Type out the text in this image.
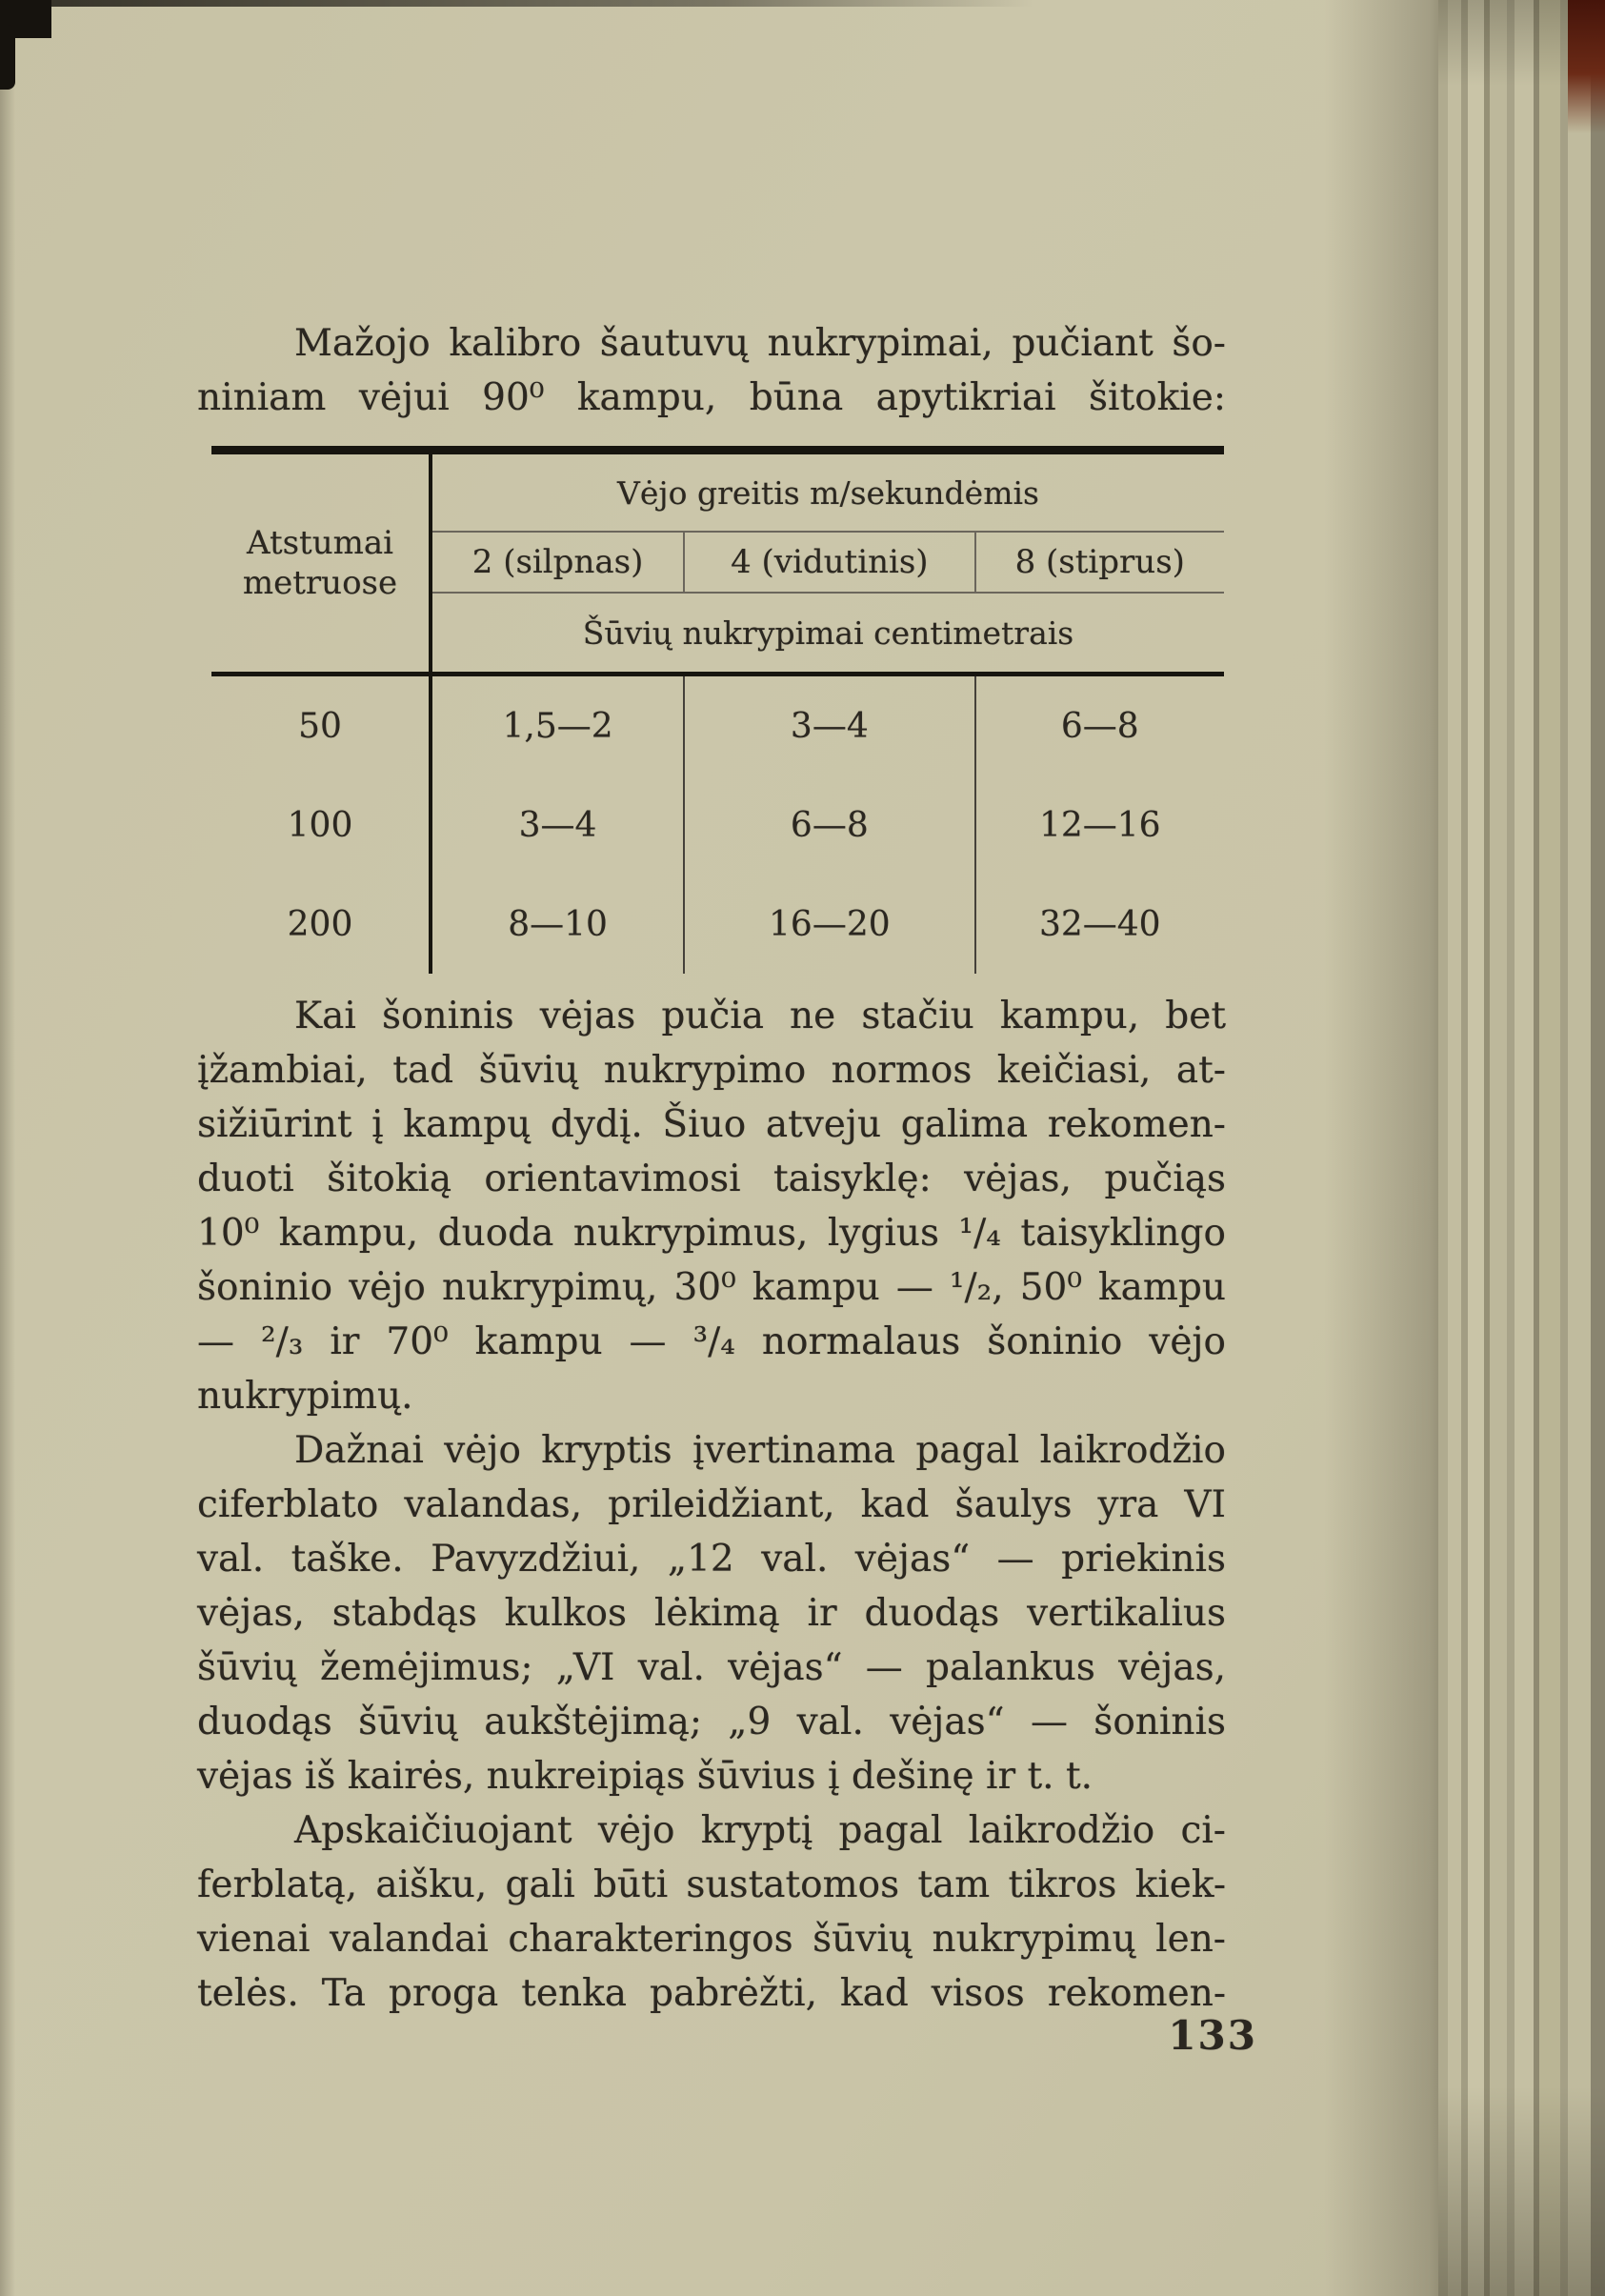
Mažojo kalibro šautuvų nukrypimai, pučiant šo-
niniam vėjui 90⁰ kampu, būna apytikriai šitokie:
Atstumai metruose	Vėjo greitis m/sekundėmis		
	2 (silpnas)	4 (vidutinis)	8 (stiprus)
	Šūvių nukrypimai centimetrais		
50	1,5—2	3—4	6—8
100	3—4	6—8	12—16
200	8—10	16—20	32—40
Kai šoninis vėjas pučia ne stačiu kampu, bet
įžambiai, tad šūvių nukrypimo normos keičiasi, at-
sižiūrint į kampų dydį. Šiuo atveju galima rekomen-
duoti šitokią orientavimosi taisyklę: vėjas, pučiąs
10⁰ kampu, duoda nukrypimus, lygius ¹/₄ taisyklingo
šoninio vėjo nukrypimų, 30⁰ kampu — ¹/₂, 50⁰ kampu
— ²/₃ ir 70⁰ kampu — ³/₄ normalaus šoninio vėjo
nukrypimų.
Dažnai vėjo kryptis įvertinama pagal laikrodžio
ciferblato valandas, prileidžiant, kad šaulys yra VI
val. taške. Pavyzdžiui, „12 val. vėjas“ — priekinis
vėjas, stabdąs kulkos lėkimą ir duodąs vertikalius
šūvių žemėjimus; „VI val. vėjas“ — palankus vėjas,
duodąs šūvių aukštėjimą; „9 val. vėjas“ — šoninis
vėjas iš kairės, nukreipiąs šūvius į dešinę ir t. t.
Apskaičiuojant vėjo kryptį pagal laikrodžio ci-
ferblatą, aišku, gali būti sustatomos tam tikros kiek-
vienai valandai charakteringos šūvių nukrypimų len-
telės. Ta proga tenka pabrėžti, kad visos rekomen-
133
